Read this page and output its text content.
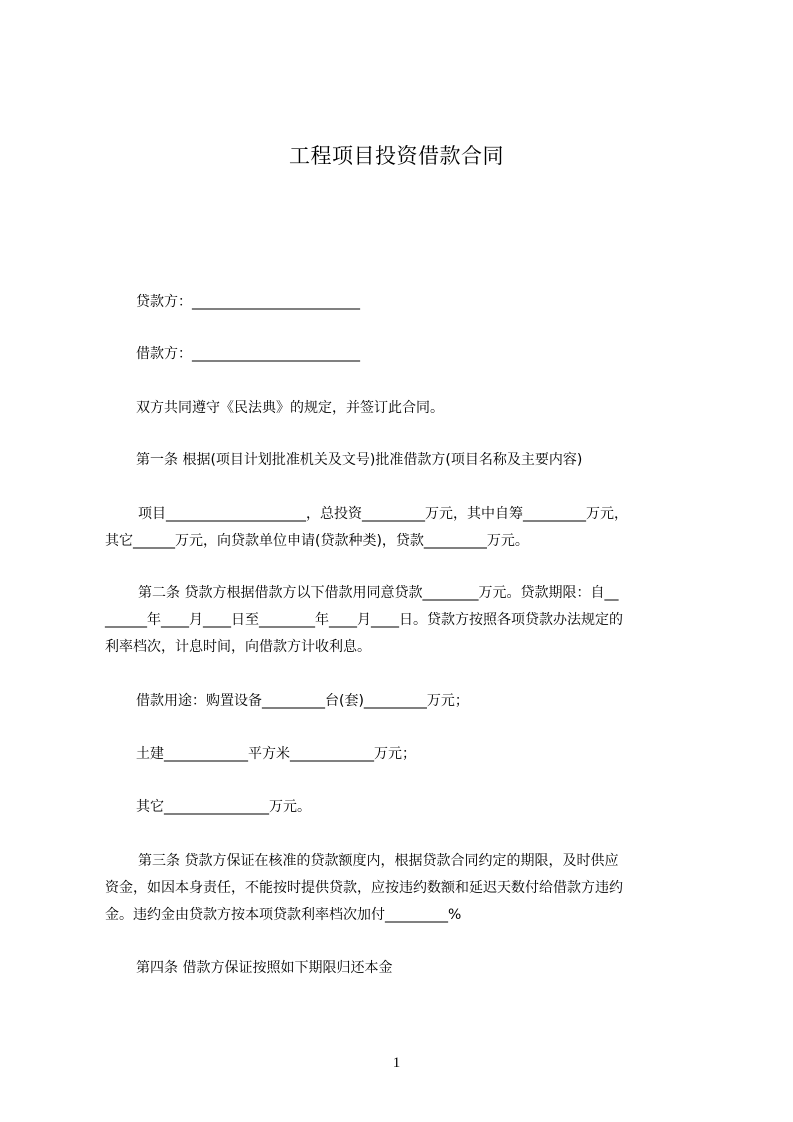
工程项目投资借款合同
贷款方：________________________
借款方：________________________
双方共同遵守《民法典》的规定，并签订此合同。
第一条 根据(项目计划批准机关及文号)批准借款方(项目名称及主要内容)
项目____________________，总投资_________万元，其中自筹_________万元，
其它______万元，向贷款单位申请(贷款种类)，贷款_________万元。
第二条 贷款方根据借款方以下借款用同意贷款________万元。贷款期限：自__
______年____月____日至________年____月____日。贷款方按照各项贷款办法规定的
利率档次，计息时间，向借款方计收利息。
借款用途：购置设备_________台(套)_________万元；
土建____________平方米____________万元；
其它_______________万元。
第三条 贷款方保证在核准的贷款额度内，根据贷款合同约定的期限，及时供应
资金，如因本身责任，不能按时提供贷款，应按违约数额和延迟天数付给借款方违约
金。违约金由贷款方按本项贷款利率档次加付_________%
第四条 借款方保证按照如下期限归还本金
1
